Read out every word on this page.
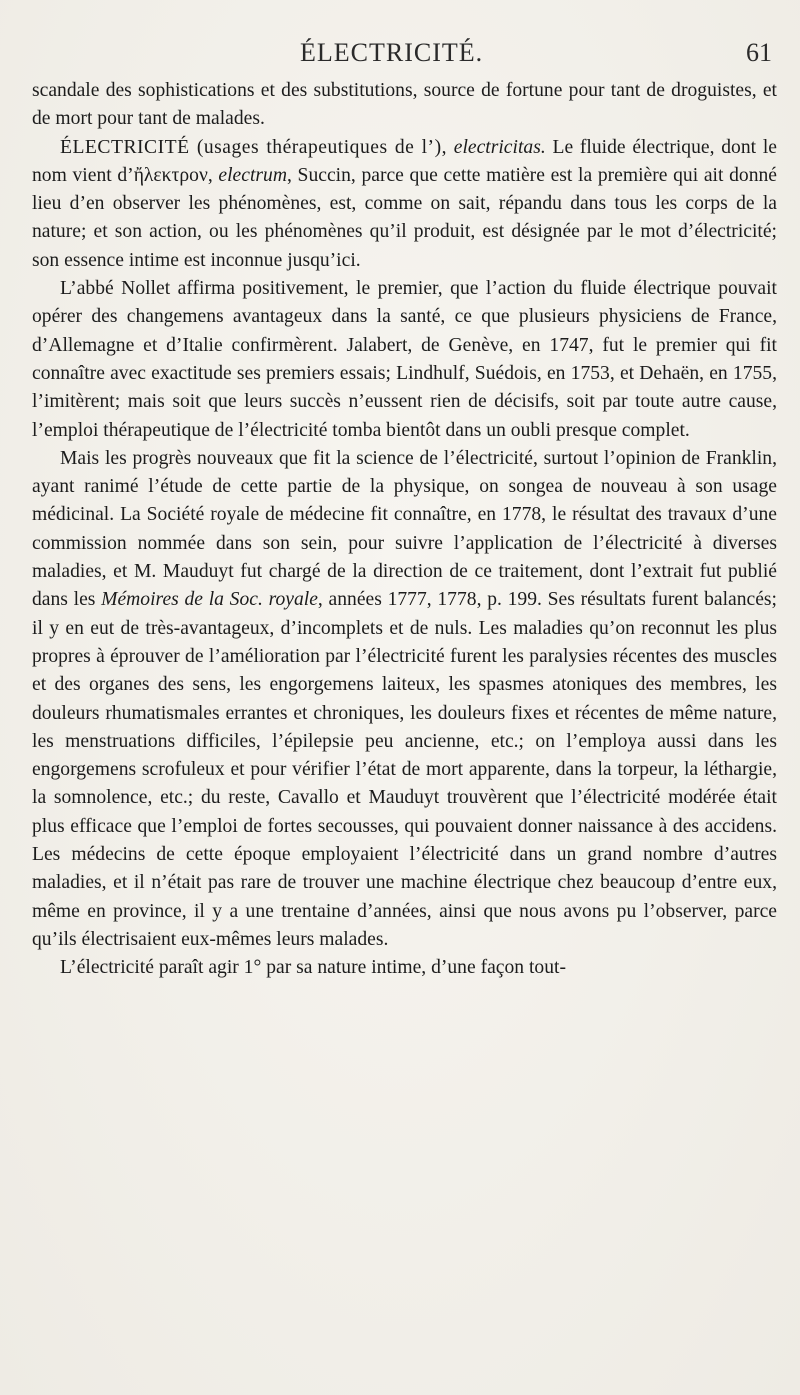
ÉLECTRICITÉ.	61

scandale des sophistications et des substitutions, source de fortune pour tant de droguistes, et de mort pour tant de malades.

ÉLECTRICITÉ (usages thérapeutiques de l’), electricitas. Le fluide électrique, dont le nom vient d’ἤλεκτρον, electrum, Succin, parce que cette matière est la première qui ait donné lieu d’en observer les phénomènes, est, comme on sait, répandu dans tous les corps de la nature; et son action, ou les phénomènes qu’il produit, est désignée par le mot d’électricité; son essence intime est inconnue jusqu’ici.

L’abbé Nollet affirma positivement, le premier, que l’action du fluide électrique pouvait opérer des changemens avantageux dans la santé, ce que plusieurs physiciens de France, d’Allemagne et d’Italie confirmèrent. Jalabert, de Genève, en 1747, fut le premier qui fit connaître avec exactitude ses premiers essais; Lindhulf, Suédois, en 1753, et Dehaën, en 1755, l’imitèrent; mais soit que leurs succès n’eussent rien de décisifs, soit par toute autre cause, l’emploi thérapeutique de l’électricité tomba bientôt dans un oubli presque complet.

Mais les progrès nouveaux que fit la science de l’électricité, surtout l’opinion de Franklin, ayant ranimé l’étude de cette partie de la physique, on songea de nouveau à son usage médicinal. La Société royale de médecine fit connaître, en 1778, le résultat des travaux d’une commission nommée dans son sein, pour suivre l’application de l’électricité à diverses maladies, et M. Mauduyt fut chargé de la direction de ce traitement, dont l’extrait fut publié dans les Mémoires de la Soc. royale, années 1777, 1778, p. 199. Ses résultats furent balancés; il y en eut de très-avantageux, d’incomplets et de nuls. Les maladies qu’on reconnut les plus propres à éprouver de l’amélioration par l’électricité furent les paralysies récentes des muscles et des organes des sens, les engorgemens laiteux, les spasmes atoniques des membres, les douleurs rhumatismales errantes et chroniques, les douleurs fixes et récentes de même nature, les menstruations difficiles, l’épilepsie peu ancienne, etc.; on l’employa aussi dans les engorgemens scrofuleux et pour vérifier l’état de mort apparente, dans la torpeur, la léthargie, la somnolence, etc.; du reste, Cavallo et Mauduyt trouvèrent que l’électricité modérée était plus efficace que l’emploi de fortes secousses, qui pouvaient donner naissance à des accidens. Les médecins de cette époque employaient l’électricité dans un grand nombre d’autres maladies, et il n’était pas rare de trouver une machine électrique chez beaucoup d’entre eux, même en province, il y a une trentaine d’années, ainsi que nous avons pu l’observer, parce qu’ils électrisaient eux-mêmes leurs malades.

L’électricité paraît agir 1° par sa nature intime, d’une façon tout-
